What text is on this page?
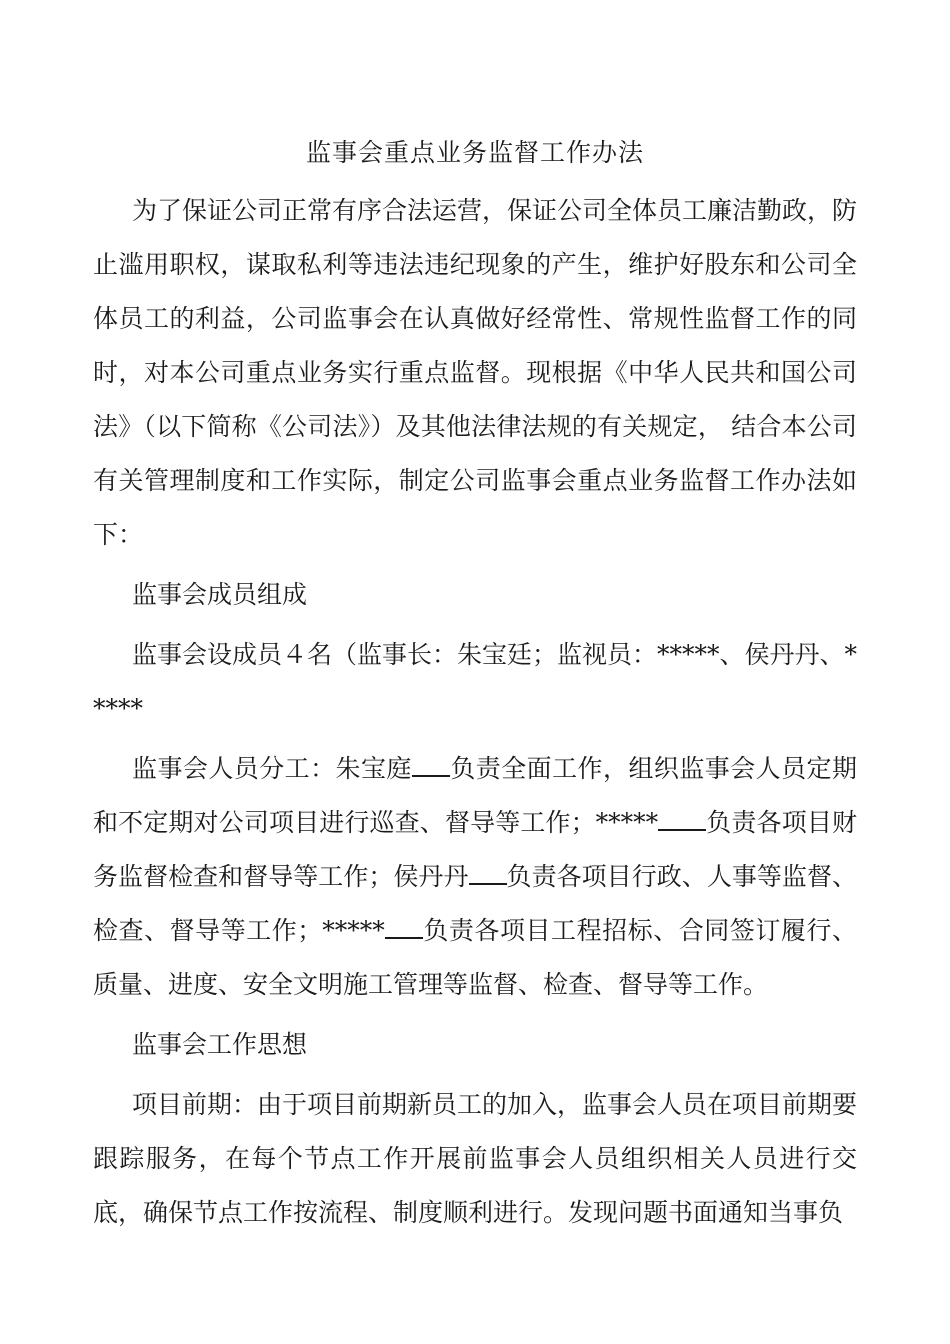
监事会重点业务监督工作办法

为了保证公司正常有序合法运营，保证公司全体员工廉洁勤政，防止滥用职权，谋取私利等违法违纪现象的产生，维护好股东和公司全体员工的利益，公司监事会在认真做好经常性、常规性监督工作的同时，对本公司重点业务实行重点监督。现根据《中华人民共和国公司法》（以下简称《公司法》）及其他法律法规的有关规定， 结合本公司有关管理制度和工作实际，制定公司监事会重点业务监督工作办法如下：

监事会成员组成

监事会设成员４名（监事长：朱宝廷；监视员：*****、侯丹丹、*****

监事会人员分工：朱宝庭 负责全面工作，组织监事会人员定期和不定期对公司项目进行巡查、督导等工作；***** 负责各项目财务监督检查和督导等工作；侯丹丹 负责各项目行政、人事等监督、检查、督导等工作；***** 负责各项目工程招标、合同签订履行、质量、进度、安全文明施工管理等监督、检查、督导等工作。

监事会工作思想

项目前期：由于项目前期新员工的加入，监事会人员在项目前期要跟踪服务，在每个节点工作开展前监事会人员组织相关人员进行交底，确保节点工作按流程、制度顺利进行。发现问题书面通知当事负
